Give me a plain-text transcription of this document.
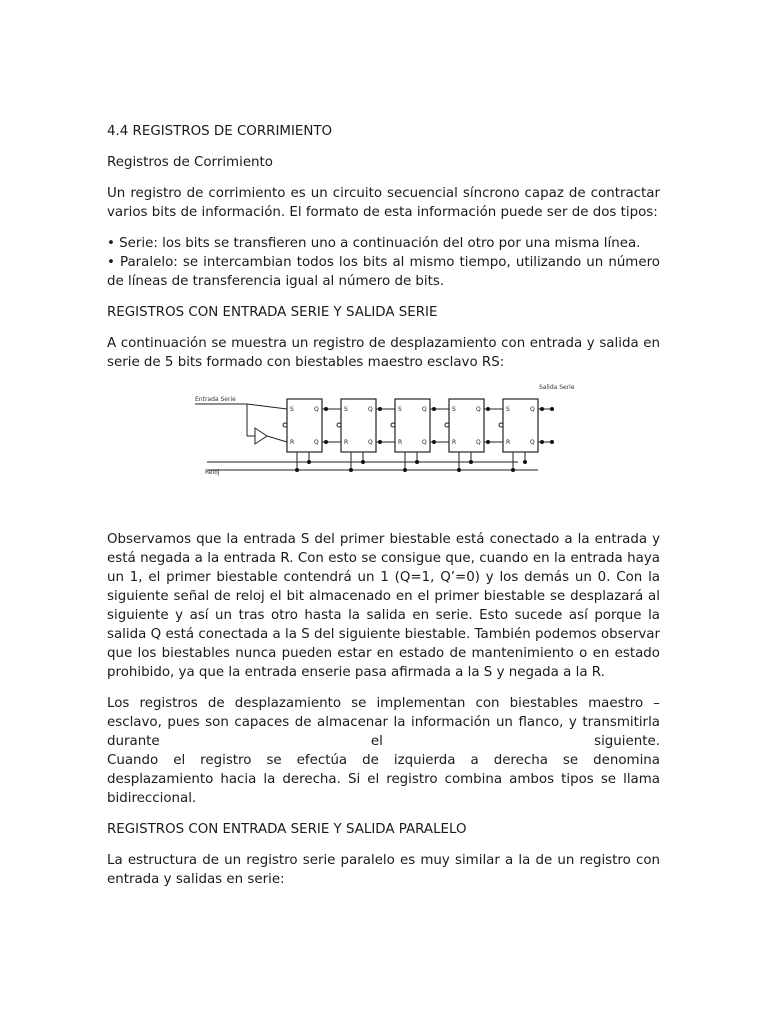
4.4 REGISTROS DE CORRIMIENTO
Registros de Corrimiento

Un registro de corrimiento es un circuito secuencial síncrono capaz de contractar varios bits de información. El formato de esta información puede ser de dos tipos:

• Serie: los bits se transfieren uno a continuación del otro por una misma línea.
• Paralelo: se intercambian todos los bits al mismo tiempo, utilizando un número de líneas de transferencia igual al número de bits.
REGISTROS CON ENTRADA SERIE Y SALIDA SERIE

A continuación se muestra un registro de desplazamiento con entrada y salida en serie de 5 bits formado con biestables maestro esclavo RS:

S
R
Q
Q
S
R
Q
Q
S
R
Q
Q
S
R
Q
Q
S
R
Q
Q
Entrada Serie
Salida Serie
Reloj

Observamos que la entrada S del primer biestable está conectado a la entrada y está negada a la entrada R. Con esto se consigue que, cuando en la entrada haya un 1, el primer biestable contendrá un 1 (Q=1, Q’=0) y los demás un 0. Con la siguiente señal de reloj el bit almacenado en el primer biestable se desplazará al siguiente y así un tras otro hasta la salida en serie. Esto sucede así porque la salida Q está conectada a la S del siguiente biestable. También podemos observar que los biestables nunca pueden estar en estado de mantenimiento o en estado prohibido, ya que la entrada enserie pasa afirmada a la S y negada a la R.

Los registros de desplazamiento se implementan con biestables maestro – esclavo, pues son capaces de almacenar la información un flanco, y transmitirla durante el siguiente.

Cuando el registro se efectúa de izquierda a derecha se denomina desplazamiento hacia la derecha. Si el registro combina ambos tipos se llama bidireccional.

REGISTROS CON ENTRADA SERIE Y SALIDA PARALELO

La estructura de un registro serie paralelo es muy similar a la de un registro con entrada y salidas en serie:
